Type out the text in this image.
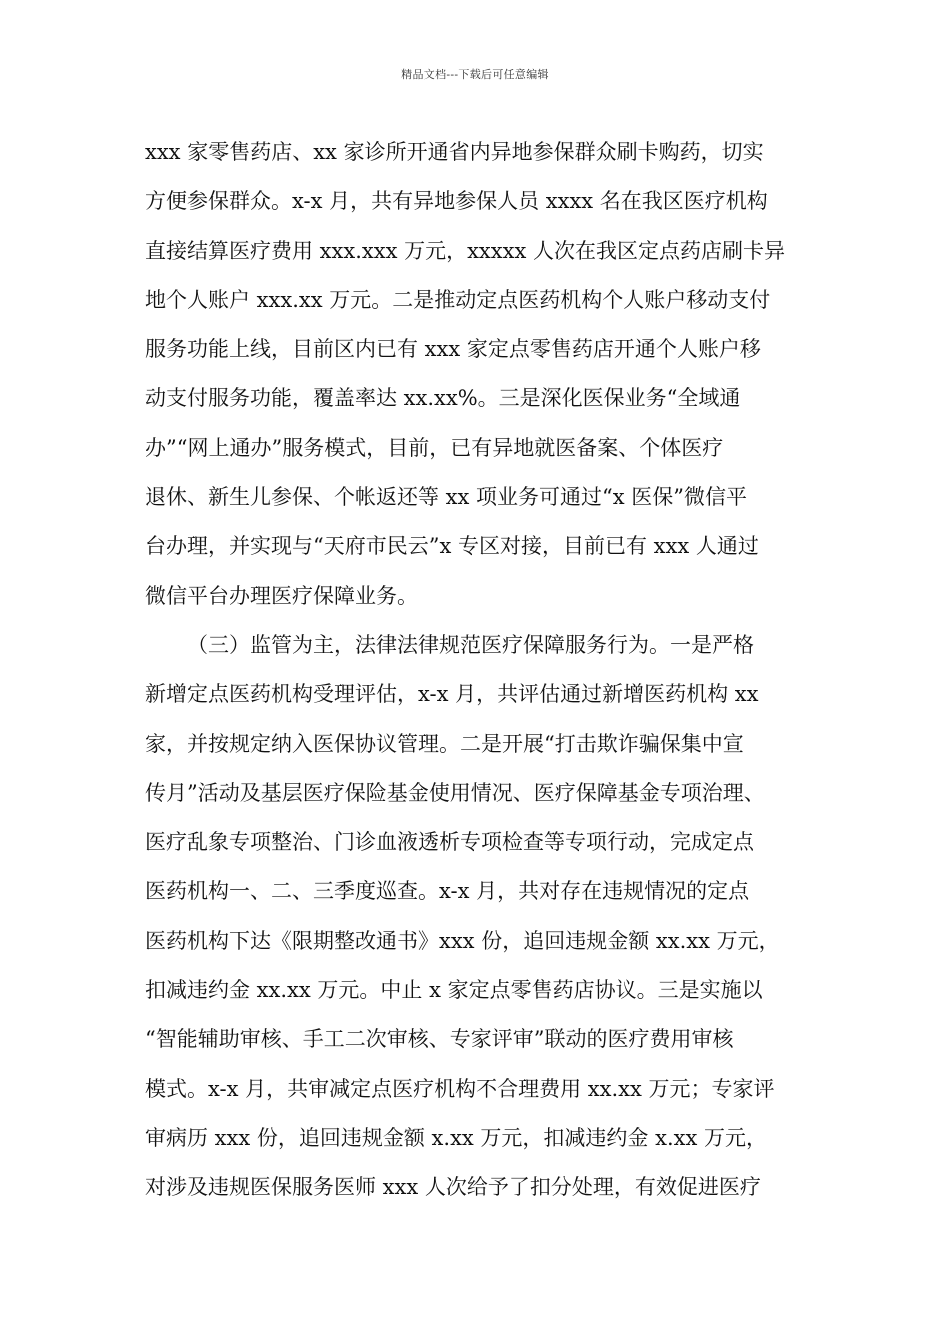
精品文档---下载后可任意编辑
xxx 家零售药店、xx 家诊所开通省内异地参保群众刷卡购药，切实
方便参保群众。x-x 月，共有异地参保人员 xxxx 名在我区医疗机构
直接结算医疗费用 xxx.xxx 万元，xxxxx 人次在我区定点药店刷卡异
地个人账户 xxx.xx 万元。二是推动定点医药机构个人账户移动支付
服务功能上线，目前区内已有 xxx 家定点零售药店开通个人账户移
动支付服务功能，覆盖率达 xx.xx%。三是深化医保业务“全域通
办”“网上通办”服务模式，目前，已有异地就医备案、个体医疗
退休、新生儿参保、个帐返还等 xx 项业务可通过“x 医保”微信平
台办理，并实现与“天府市民云”x 专区对接，目前已有 xxx 人通过
微信平台办理医疗保障业务。
（三）监管为主，法律法律规范医疗保障服务行为。一是严格
新增定点医药机构受理评估，x-x 月，共评估通过新增医药机构 xx
家，并按规定纳入医保协议管理。二是开展“打击欺诈骗保集中宣
传月”活动及基层医疗保险基金使用情况、医疗保障基金专项治理、
医疗乱象专项整治、门诊血液透析专项检查等专项行动，完成定点
医药机构一、二、三季度巡查。x-x 月，共对存在违规情况的定点
医药机构下达《限期整改通书》xxx 份，追回违规金额 xx.xx 万元，
扣减违约金 xx.xx 万元。中止 x 家定点零售药店协议。三是实施以
“智能辅助审核、手工二次审核、专家评审”联动的医疗费用审核
模式。x-x 月，共审减定点医疗机构不合理费用 xx.xx 万元；专家评
审病历 xxx 份，追回违规金额 x.xx 万元，扣减违约金 x.xx 万元，
对涉及违规医保服务医师 xxx 人次给予了扣分处理，有效促进医疗
